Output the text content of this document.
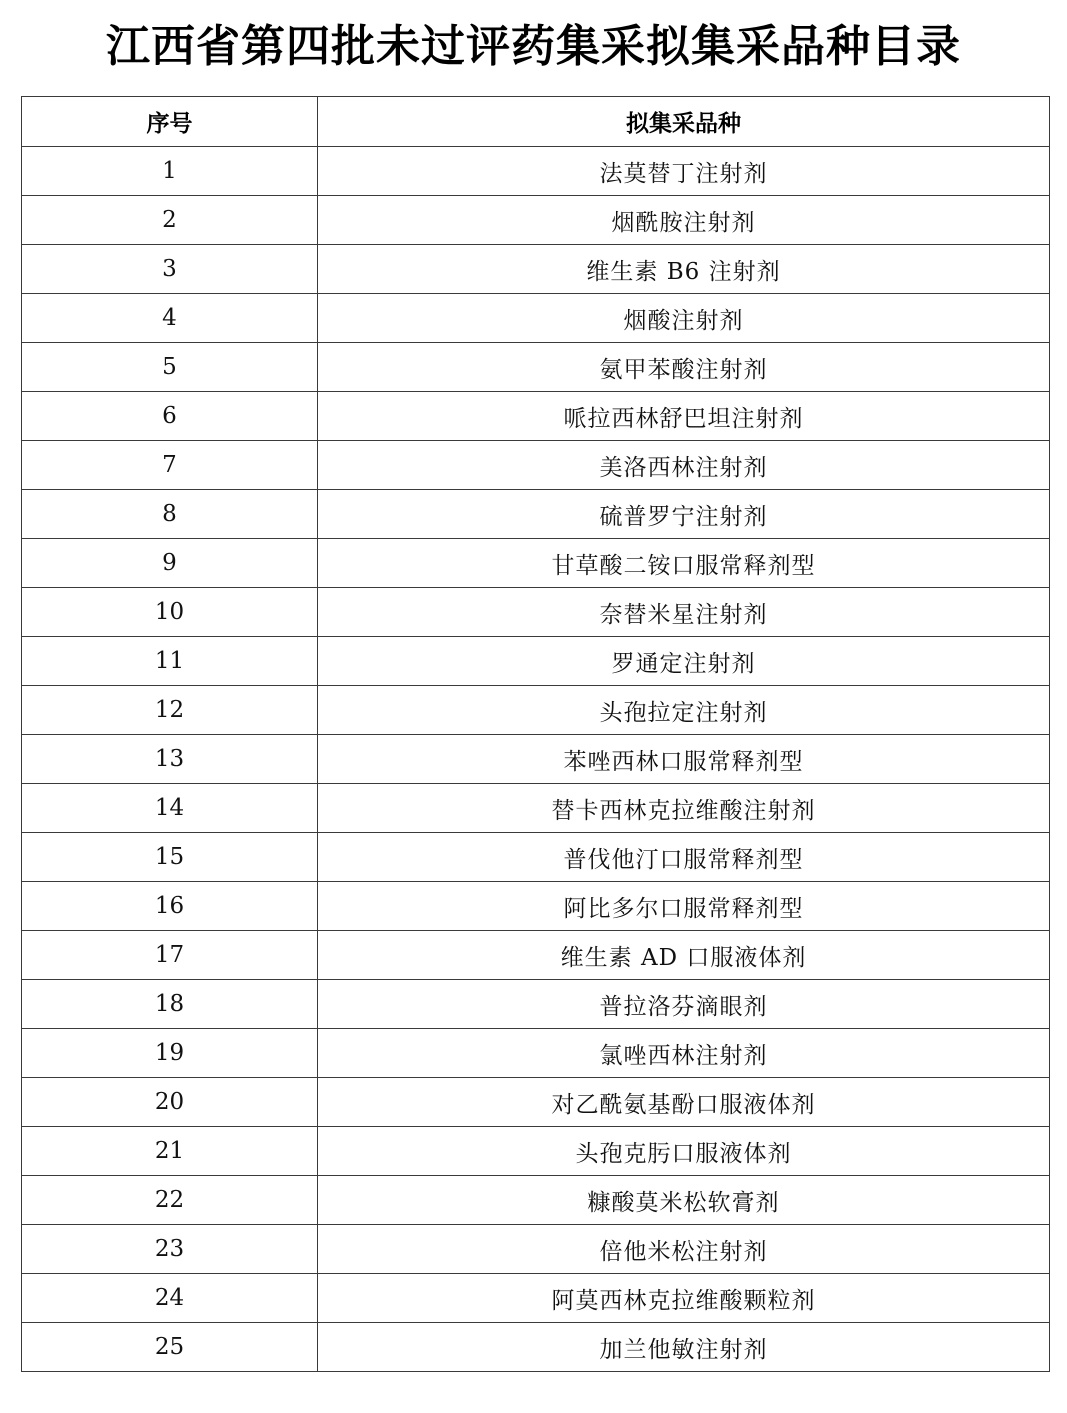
江西省第四批未过评药集采拟集采品种目录
序号	拟集采品种
1	法莫替丁注射剂
2	烟酰胺注射剂
3	维生素 B6 注射剂
4	烟酸注射剂
5	氨甲苯酸注射剂
6	哌拉西林舒巴坦注射剂
7	美洛西林注射剂
8	硫普罗宁注射剂
9	甘草酸二铵口服常释剂型
10	奈替米星注射剂
11	罗通定注射剂
12	头孢拉定注射剂
13	苯唑西林口服常释剂型
14	替卡西林克拉维酸注射剂
15	普伐他汀口服常释剂型
16	阿比多尔口服常释剂型
17	维生素 AD 口服液体剂
18	普拉洛芬滴眼剂
19	氯唑西林注射剂
20	对乙酰氨基酚口服液体剂
21	头孢克肟口服液体剂
22	糠酸莫米松软膏剂
23	倍他米松注射剂
24	阿莫西林克拉维酸颗粒剂
25	加兰他敏注射剂
